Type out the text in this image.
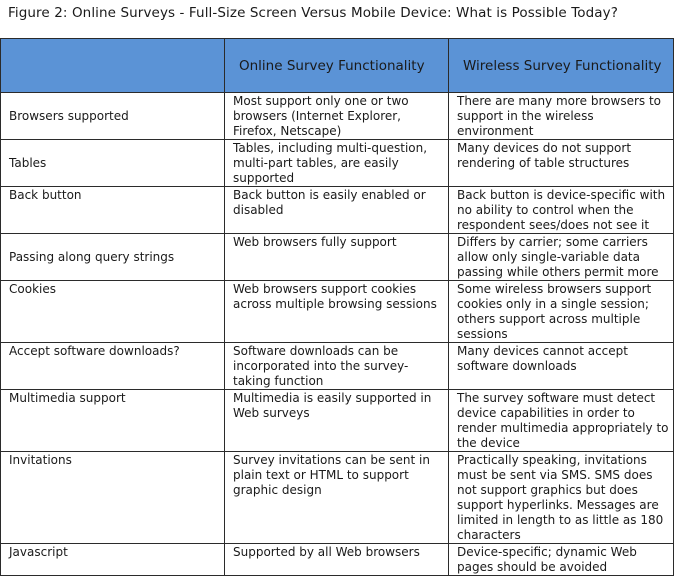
Figure 2: Online Surveys - Full-Size Screen Versus Mobile Device: What is Possible Today?
	Online Survey Functionality	Wireless Survey Functionality
Browsers supported	Most support only one or two browsers (Internet Explorer, Firefox, Netscape)	There are many more browsers to support in the wireless environment
Tables	Tables, including multi-question, multi-part tables, are easily supported	Many devices do not support rendering of table structures
Back button	Back button is easily enabled or disabled	Back button is device-specific with no ability to control when the respondent sees/does not see it
Passing along query strings	Web browsers fully support	Differs by carrier; some carriers allow only single-variable data passing while others permit more
Cookies	Web browsers support cookies across multiple browsing sessions	Some wireless browsers support cookies only in a single session; others support across multiple sessions
Accept software downloads?	Software downloads can be incorporated into the survey-taking function	Many devices cannot accept software downloads
Multimedia support	Multimedia is easily supported in Web surveys	The survey software must detect device capabilities in order to render multimedia appropriately to the device
Invitations	Survey invitations can be sent in plain text or HTML to support graphic design	Practically speaking, invitations must be sent via SMS. SMS does not support graphics but does support hyperlinks. Messages are limited in length to as little as 180 characters
Javascript	Supported by all Web browsers	Device-specific; dynamic Web pages should be avoided
